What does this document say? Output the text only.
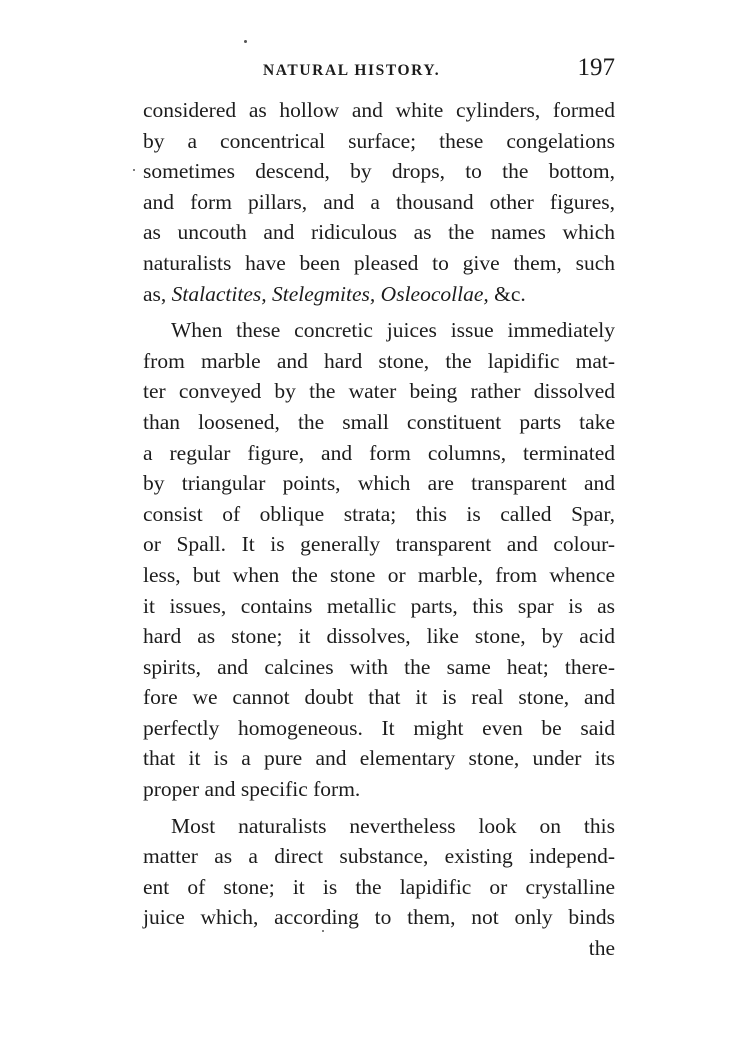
NATURAL HISTORY.	197
considered as hollow and white cylinders, formed
by a concentrical surface; these congelations
sometimes descend, by drops, to the bottom,
and form pillars, and a thousand other figures,
as uncouth and ridiculous as the names which
naturalists have been pleased to give them, such
as, Stalactites, Stelegmites, Osleocollae, &c.
When these concretic juices issue immediately
from marble and hard stone, the lapidific mat-
ter conveyed by the water being rather dissolved
than loosened, the small constituent parts take
a regular figure, and form columns, terminated
by triangular points, which are transparent and
consist of oblique strata; this is called Spar,
or Spall. It is generally transparent and colour-
less, but when the stone or marble, from whence
it issues, contains metallic parts, this spar is as
hard as stone; it dissolves, like stone, by acid
spirits, and calcines with the same heat; there-
fore we cannot doubt that it is real stone, and
perfectly homogeneous. It might even be said
that it is a pure and elementary stone, under its
proper and specific form.
Most naturalists nevertheless look on this
matter as a direct substance, existing independ-
ent of stone; it is the lapidific or crystalline
juice which, according to them, not only binds
the
